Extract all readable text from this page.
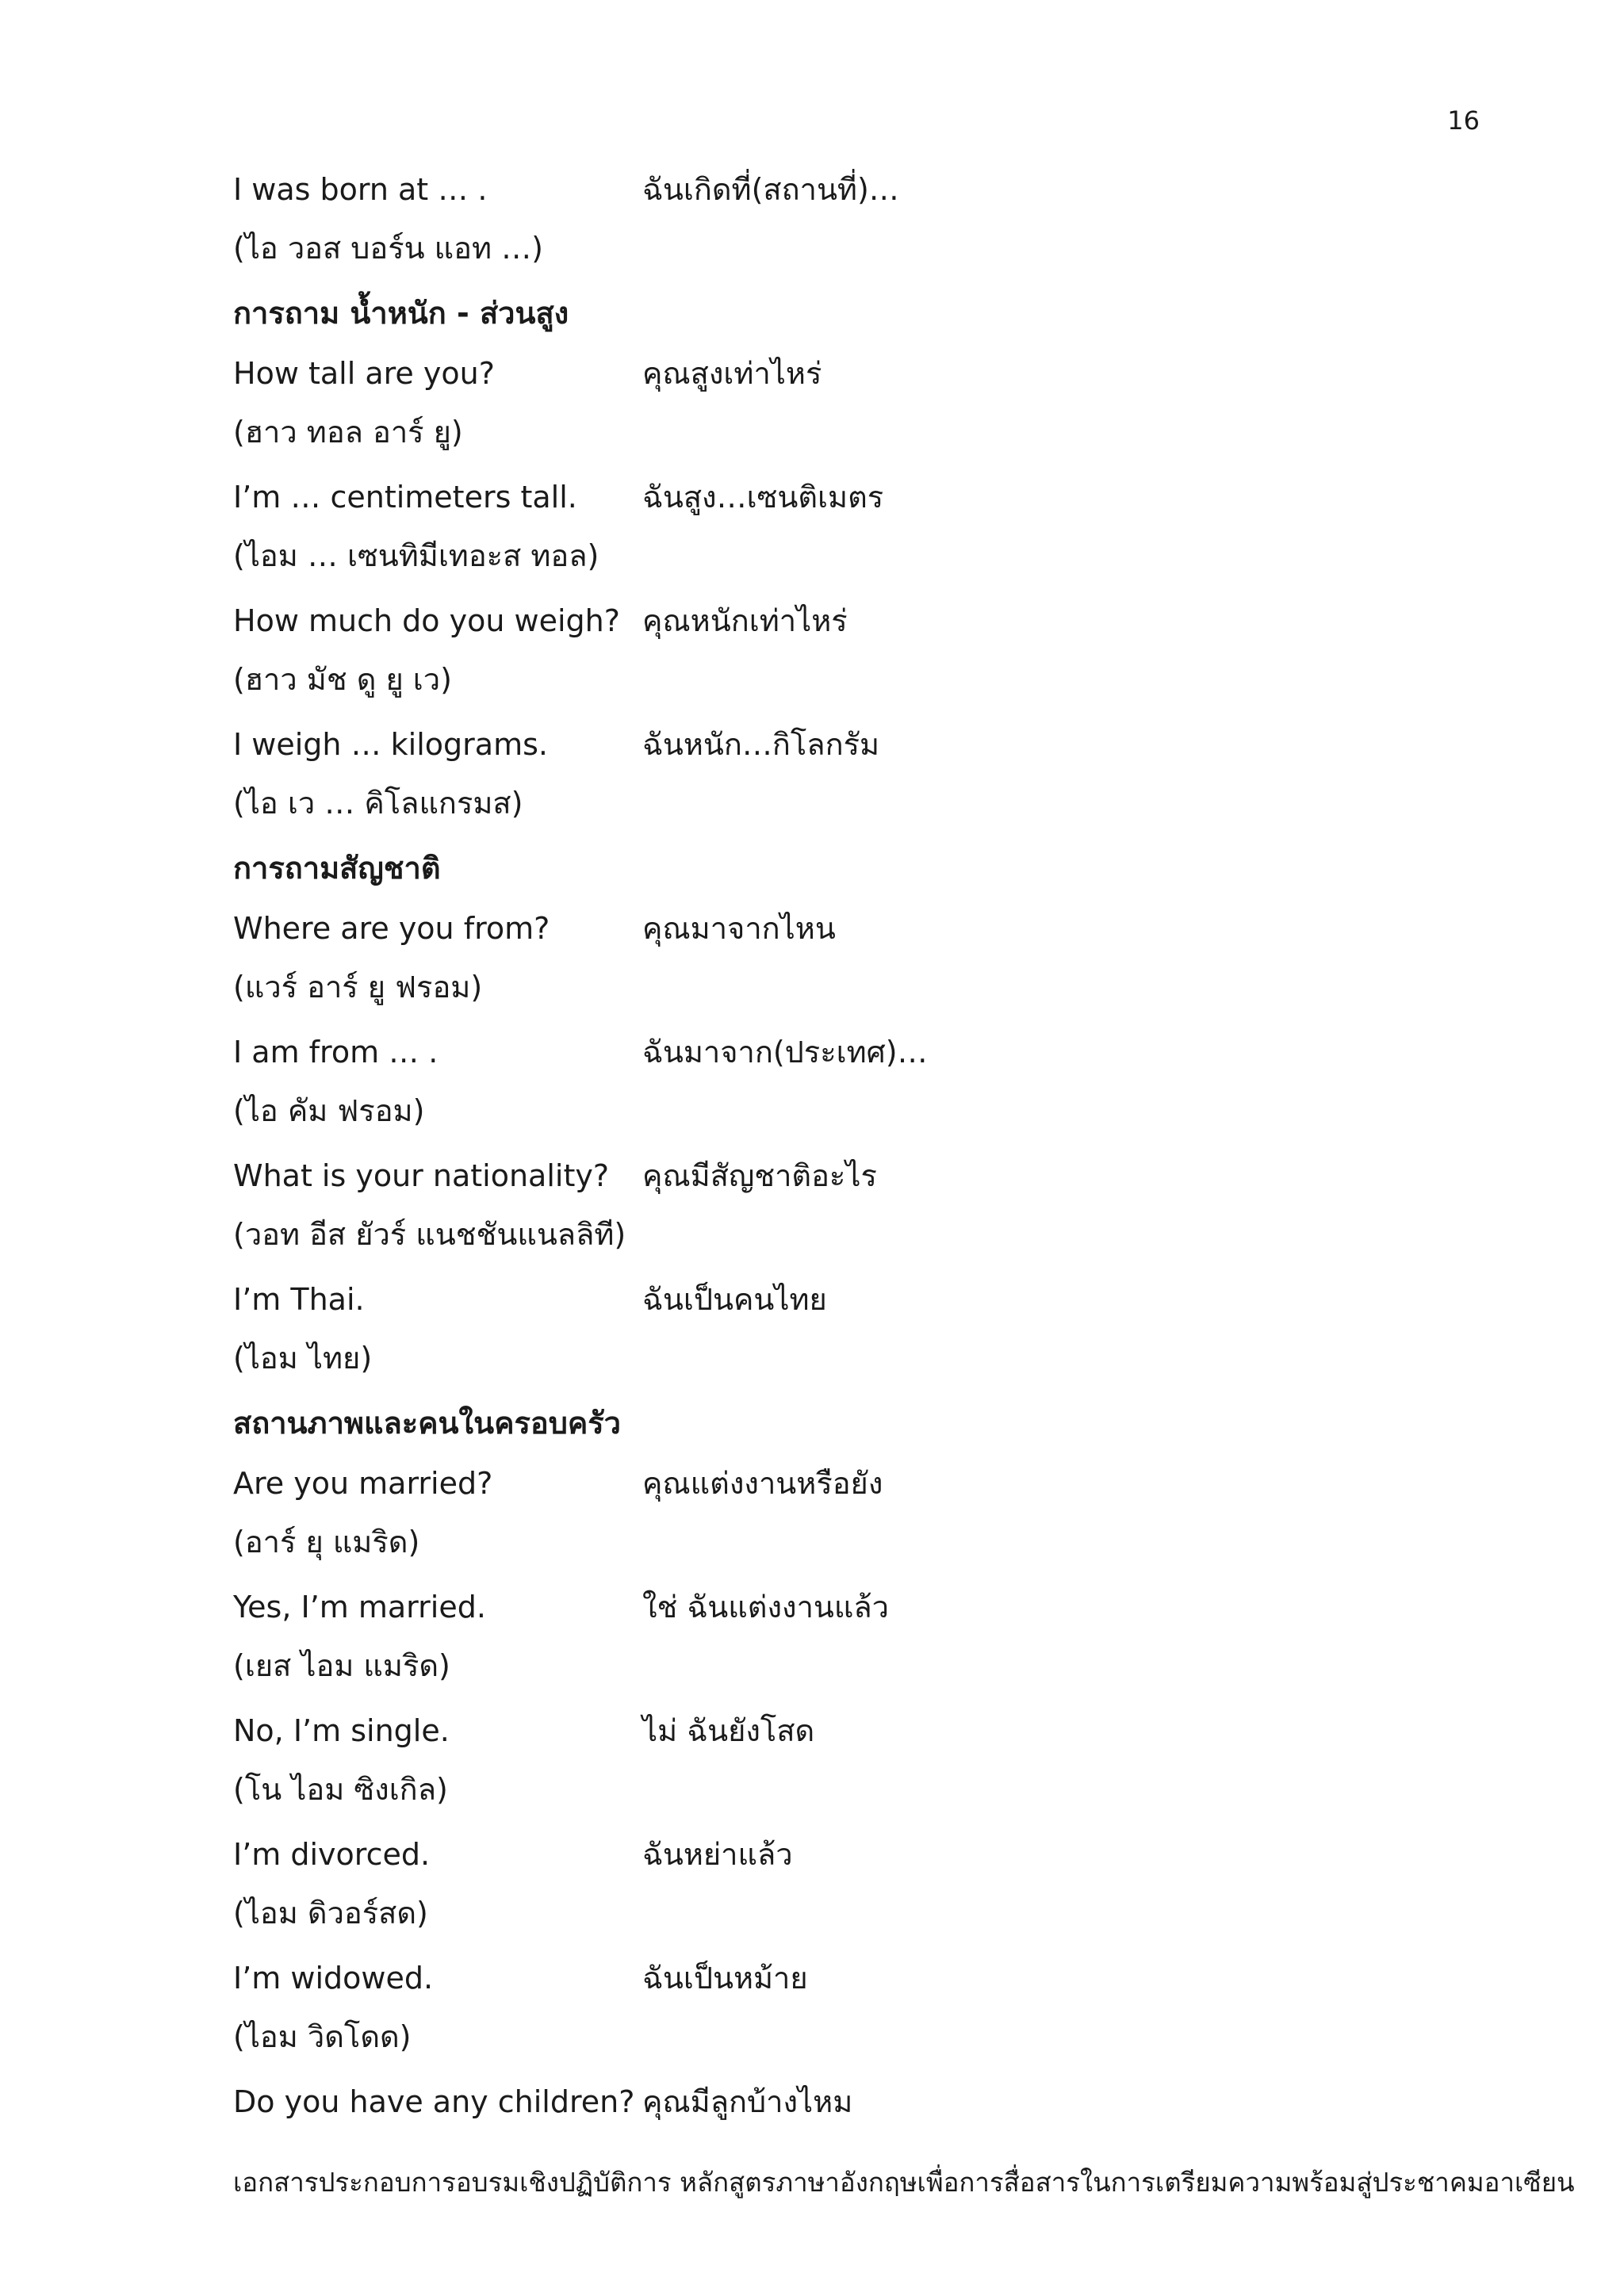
16
I was born at … .	ฉันเกิดที่(สถานที่)…
(ไอ วอส บอร์น แอท …)
การถาม น้ำหนัก - ส่วนสูง
How tall are you?	คุณสูงเท่าไหร่
(ฮาว ทอล อาร์ ยู)
I’m … centimeters tall.	ฉันสูง…เซนติเมตร
(ไอม … เซนทิมีเทอะส ทอล)
How much do you weigh? คุณหนักเท่าไหร่
(ฮาว มัช ดู ยู เว)
I weigh … kilograms.	ฉันหนัก…กิโลกรัม
(ไอ เว … คิโลแกรมส)
การถามสัญชาติ
Where are you from?	คุณมาจากไหน
(แวร์ อาร์ ยู ฟรอม)
I am from … .	ฉันมาจาก(ประเทศ)…
(ไอ คัม ฟรอม)
What is your nationality?	คุณมีสัญชาติอะไร
(วอท อีส ยัวร์ แนชชันแนลลิที)
I’m Thai.	ฉันเป็นคนไทย
(ไอม ไทย)
สถานภาพและคนในครอบครัว
Are you married?	คุณแต่งงานหรือยัง
(อาร์ ยุ แมริด)
Yes, I’m married.	ใช่ ฉันแต่งงานแล้ว
(เยส ไอม แมริด)
No, I’m single.	ไม่ ฉันยังโสด
(โน ไอม ซิงเกิล)
I’m divorced.	ฉันหย่าแล้ว
(ไอม ดิวอร์สด)
I’m widowed.	ฉันเป็นหม้าย
(ไอม วิดโดด)
Do you have any children? คุณมีลูกบ้างไหม
เอกสารประกอบการอบรมเชิงปฏิบัติการ หลักสูตรภาษาอังกฤษเพื่อการสื่อสารในการเตรียมความพร้อมสู่ประชาคมอาเซียน
